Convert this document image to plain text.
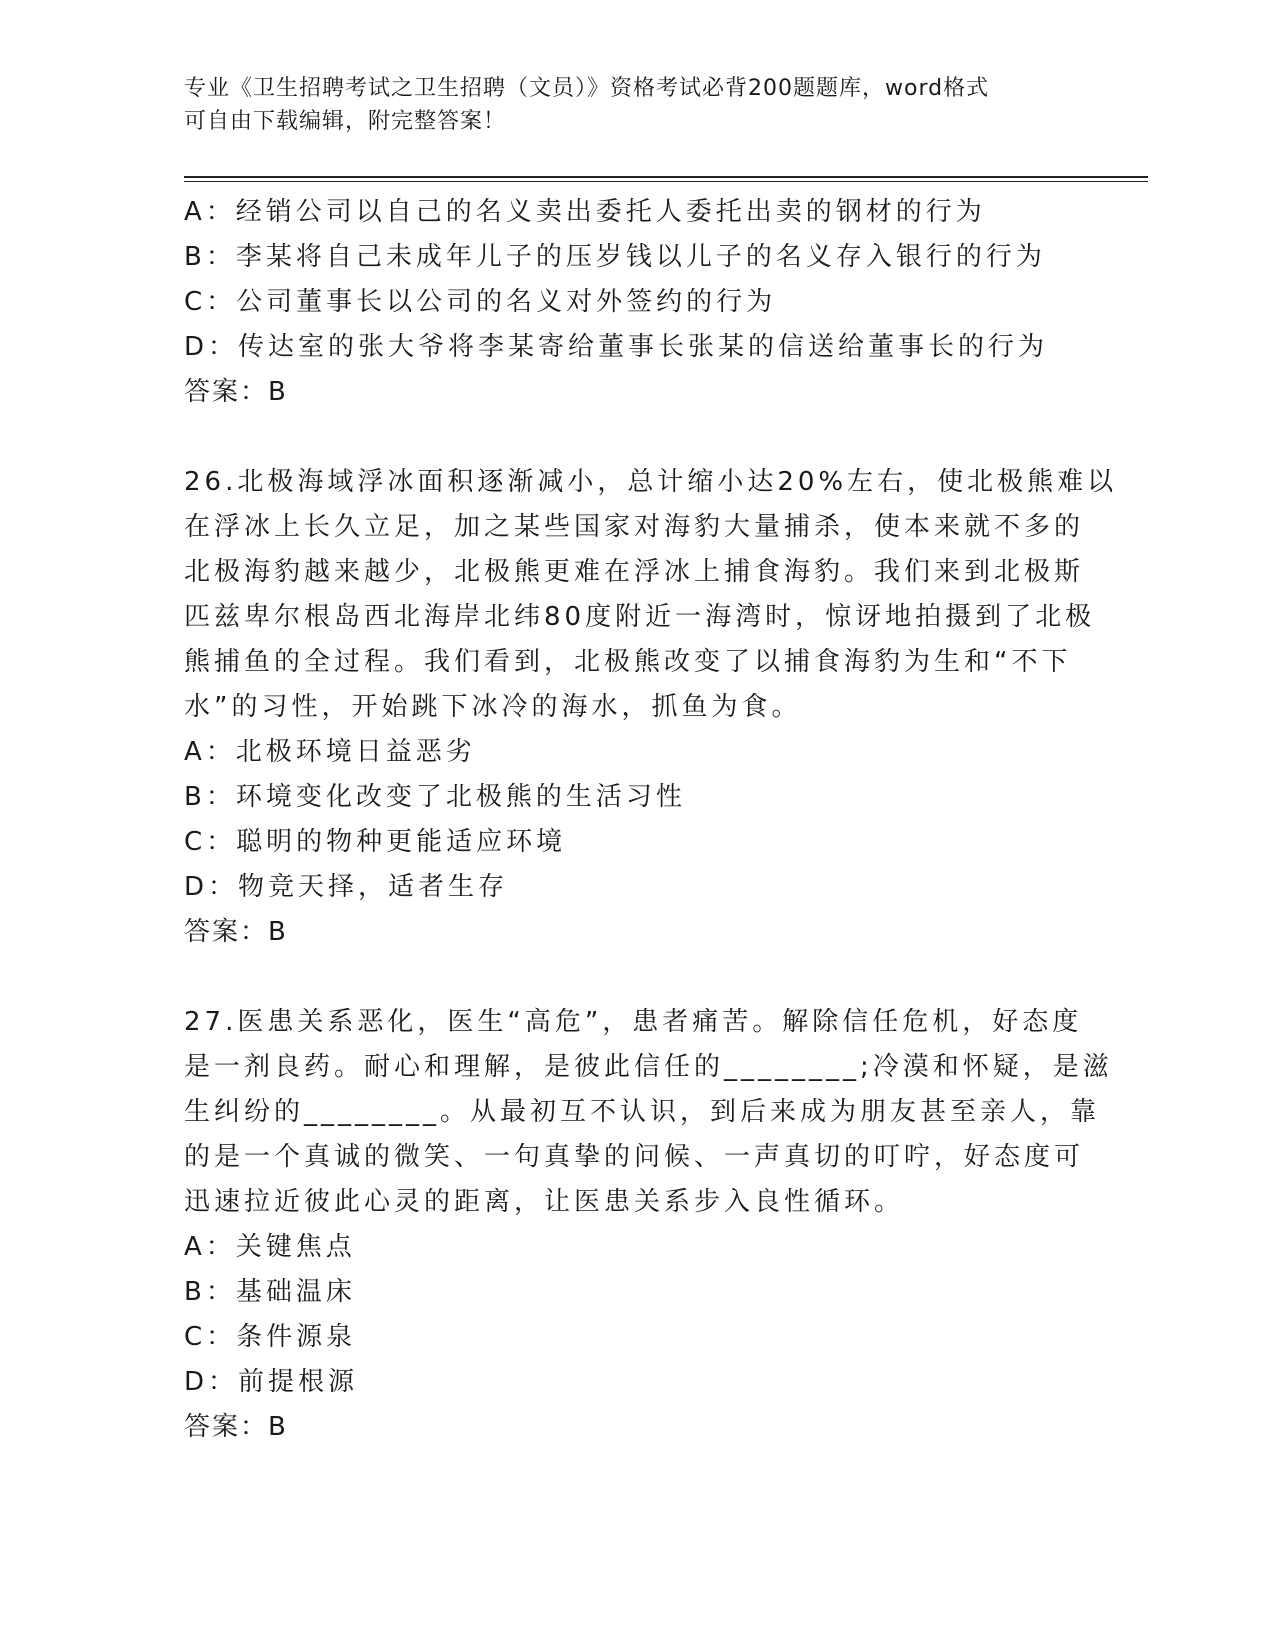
专业《卫生招聘考试之卫生招聘（文员）》资格考试必背200题题库，word格式
可自由下载编辑，附完整答案！
A：经销公司以自己的名义卖出委托人委托出卖的钢材的行为
B：李某将自己未成年儿子的压岁钱以儿子的名义存入银行的行为
C：公司董事长以公司的名义对外签约的行为
D：传达室的张大爷将李某寄给董事长张某的信送给董事长的行为
答案：B
26.北极海域浮冰面积逐渐减小，总计缩小达20%左右，使北极熊难以
在浮冰上长久立足，加之某些国家对海豹大量捕杀，使本来就不多的
北极海豹越来越少，北极熊更难在浮冰上捕食海豹。我们来到北极斯
匹兹卑尔根岛西北海岸北纬80度附近一海湾时，惊讶地拍摄到了北极
熊捕鱼的全过程。我们看到，北极熊改变了以捕食海豹为生和“不下
水”的习性，开始跳下冰冷的海水，抓鱼为食。
A：北极环境日益恶劣
B：环境变化改变了北极熊的生活习性
C：聪明的物种更能适应环境
D：物竞天择，适者生存
答案：B
27.医患关系恶化，医生“高危”，患者痛苦。解除信任危机，好态度
是一剂良药。耐心和理解，是彼此信任的________;冷漠和怀疑，是滋
生纠纷的________。从最初互不认识，到后来成为朋友甚至亲人，靠
的是一个真诚的微笑、一句真挚的问候、一声真切的叮咛，好态度可
迅速拉近彼此心灵的距离，让医患关系步入良性循环。
A：关键焦点
B：基础温床
C：条件源泉
D：前提根源
答案：B
